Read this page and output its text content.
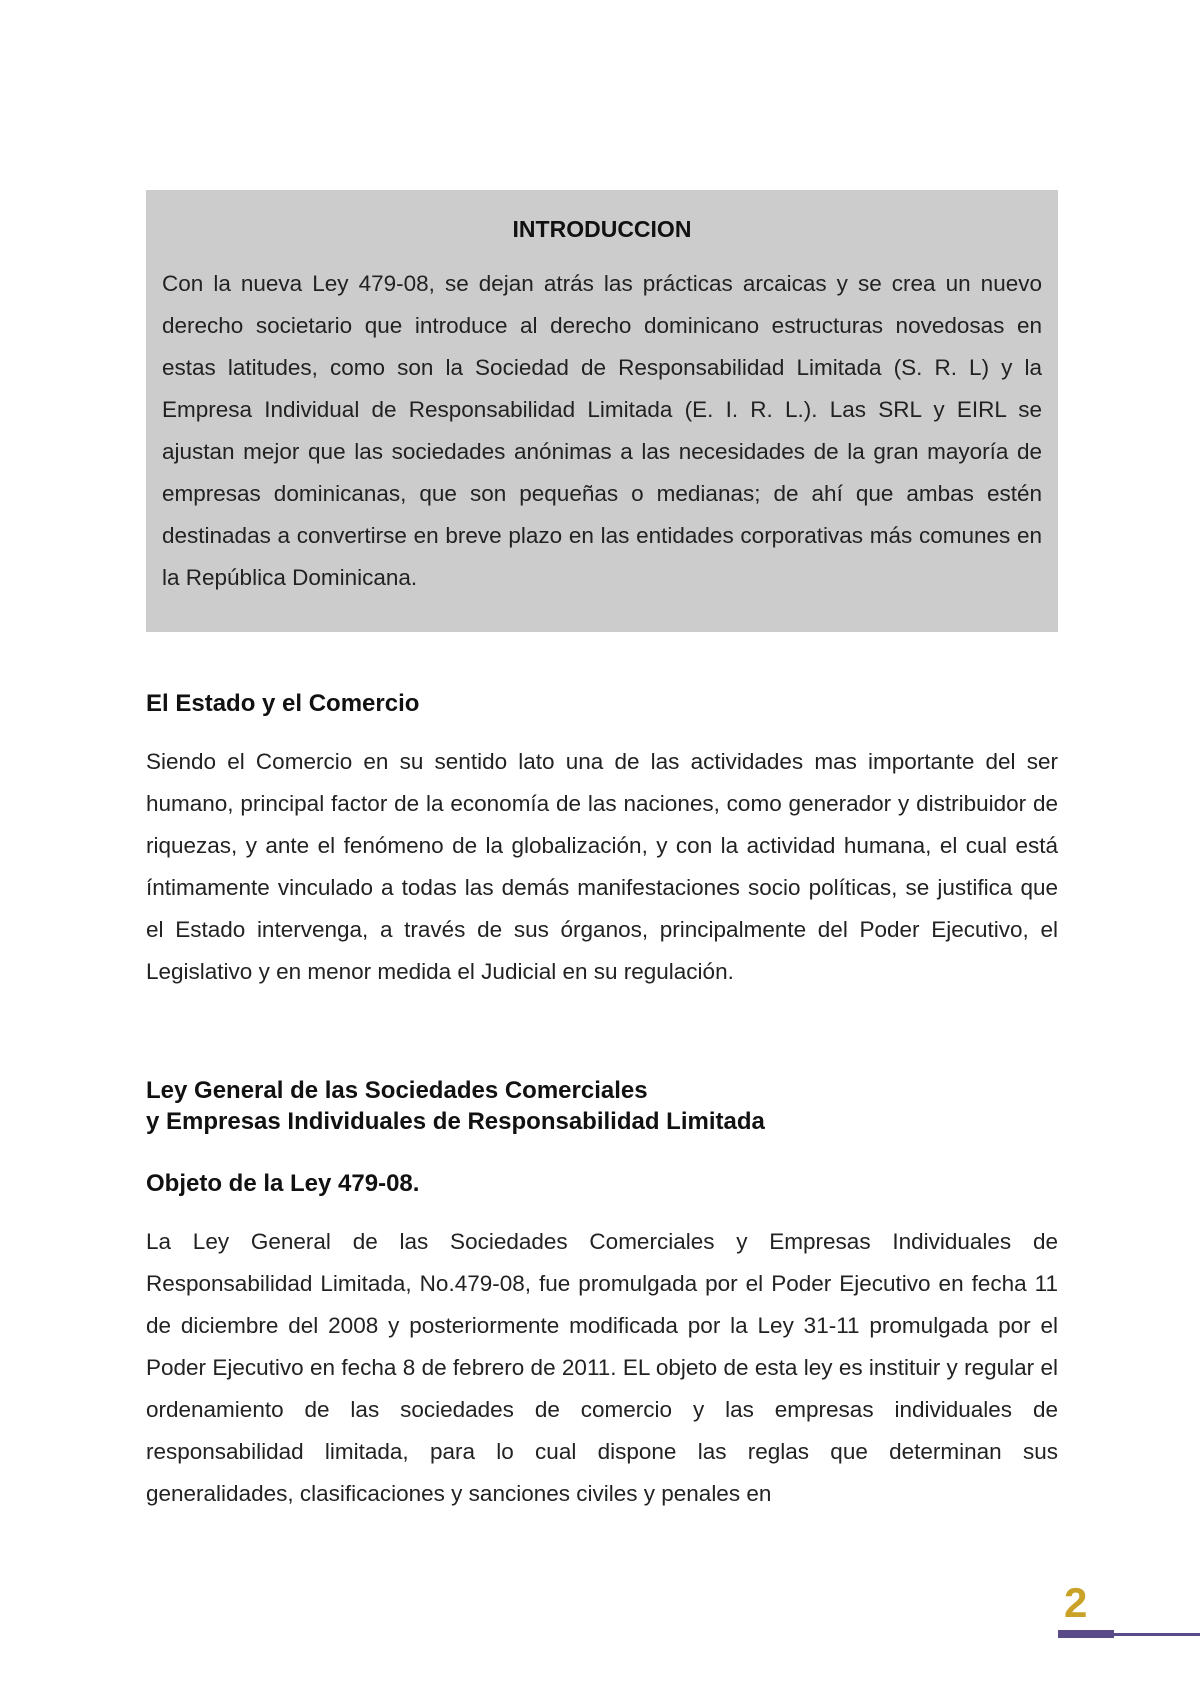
INTRODUCCION

Con la nueva Ley 479-08, se dejan atrás las prácticas arcaicas y se crea un nuevo derecho societario que introduce al derecho dominicano estructuras novedosas en estas latitudes, como son la Sociedad de Responsabilidad Limitada (S. R. L) y la Empresa Individual de Responsabilidad Limitada (E. I. R. L.). Las SRL y EIRL se ajustan mejor que las sociedades anónimas a las necesidades de la gran mayoría de empresas dominicanas, que son pequeñas o medianas; de ahí que ambas estén destinadas a convertirse en breve plazo en las entidades corporativas más comunes en la República Dominicana.

El Estado y el Comercio

Siendo el Comercio en su sentido lato una de las actividades mas importante del ser humano, principal factor de la economía de las naciones, como generador y distribuidor de riquezas, y ante el fenómeno de la globalización, y con la actividad humana, el cual está íntimamente vinculado a todas las demás manifestaciones socio políticas, se justifica que el Estado intervenga, a través de sus órganos, principalmente del Poder Ejecutivo, el Legislativo y en menor medida el Judicial en su regulación.

Ley General de las Sociedades Comerciales
y Empresas Individuales de Responsabilidad Limitada
Objeto de la Ley 479-08.

La Ley General de las Sociedades Comerciales y Empresas Individuales de Responsabilidad Limitada, No.479-08, fue promulgada por el Poder Ejecutivo en fecha 11 de diciembre del 2008 y posteriormente modificada por la Ley 31-11 promulgada por el Poder Ejecutivo en fecha 8 de febrero de 2011. EL objeto de esta ley es instituir y regular el ordenamiento de las sociedades de comercio y las empresas individuales de responsabilidad limitada, para lo cual dispone las reglas que determinan sus generalidades, clasificaciones y sanciones civiles y penales en

2
